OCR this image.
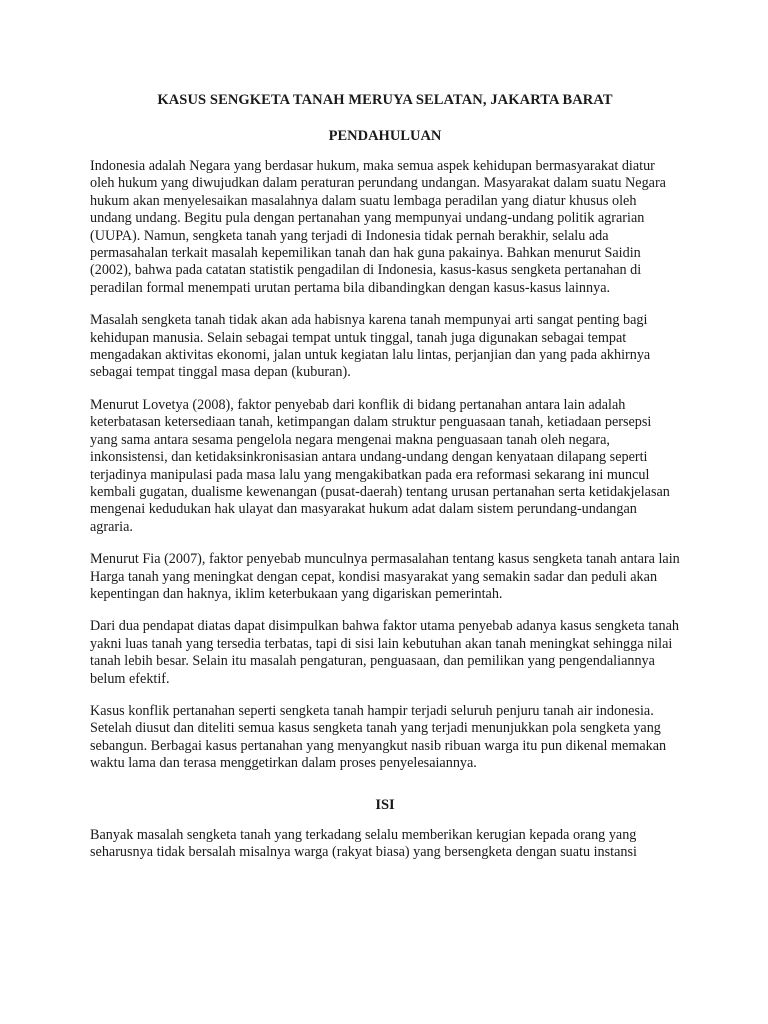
KASUS SENGKETA TANAH MERUYA SELATAN, JAKARTA BARAT
PENDAHULUAN

Indonesia adalah Negara yang berdasar hukum, maka semua aspek kehidupan bermasyarakat diatur oleh hukum yang diwujudkan dalam peraturan perundang undangan. Masyarakat dalam suatu Negara hukum akan menyelesaikan masalahnya dalam suatu lembaga peradilan yang diatur khusus oleh undang undang. Begitu pula dengan pertanahan yang mempunyai undang-undang politik agrarian (UUPA). Namun, sengketa tanah yang terjadi di Indonesia tidak pernah berakhir, selalu ada permasahalan terkait masalah kepemilikan tanah dan hak guna pakainya. Bahkan menurut Saidin (2002), bahwa pada catatan statistik pengadilan di Indonesia, kasus-kasus sengketa pertanahan di peradilan formal menempati urutan pertama bila dibandingkan dengan kasus-kasus lainnya.

Masalah sengketa tanah tidak akan ada habisnya karena tanah mempunyai arti sangat penting bagi kehidupan manusia. Selain sebagai tempat untuk tinggal, tanah juga digunakan sebagai tempat mengadakan aktivitas ekonomi, jalan untuk kegiatan lalu lintas, perjanjian dan yang pada akhirnya sebagai tempat tinggal masa depan (kuburan).

Menurut Lovetya (2008), faktor penyebab dari konflik di bidang pertanahan antara lain adalah keterbatasan ketersediaan tanah, ketimpangan dalam struktur penguasaan tanah, ketiadaan persepsi yang sama antara sesama pengelola negara mengenai makna penguasaan tanah oleh negara, inkonsistensi, dan ketidaksinkronisasian antara undang-undang dengan kenyataan dilapang seperti terjadinya manipulasi pada masa lalu yang mengakibatkan pada era reformasi sekarang ini muncul kembali gugatan, dualisme kewenangan (pusat-daerah) tentang urusan pertanahan serta ketidakjelasan mengenai kedudukan hak ulayat dan masyarakat hukum adat dalam sistem perundang-undangan agraria.

Menurut Fia (2007), faktor penyebab munculnya permasalahan tentang kasus sengketa tanah antara lain Harga tanah yang meningkat dengan cepat, kondisi masyarakat yang semakin sadar dan peduli akan kepentingan dan haknya, iklim keterbukaan yang digariskan pemerintah.

Dari dua pendapat diatas dapat disimpulkan bahwa faktor utama penyebab adanya kasus sengketa tanah yakni luas tanah yang tersedia terbatas, tapi di sisi lain kebutuhan akan tanah meningkat sehingga nilai tanah lebih besar. Selain itu masalah pengaturan, penguasaan, dan pemilikan yang pengendaliannya belum efektif.

Kasus konflik pertanahan seperti sengketa tanah hampir terjadi seluruh penjuru tanah air indonesia. Setelah diusut dan diteliti semua kasus sengketa tanah yang terjadi menunjukkan pola sengketa yang sebangun. Berbagai kasus pertanahan yang menyangkut nasib ribuan warga itu pun dikenal memakan waktu lama dan terasa menggetirkan dalam proses penyelesaiannya.

ISI

Banyak masalah sengketa tanah yang terkadang selalu memberikan kerugian kepada orang yang seharusnya tidak bersalah misalnya warga (rakyat biasa) yang bersengketa dengan suatu instansi
